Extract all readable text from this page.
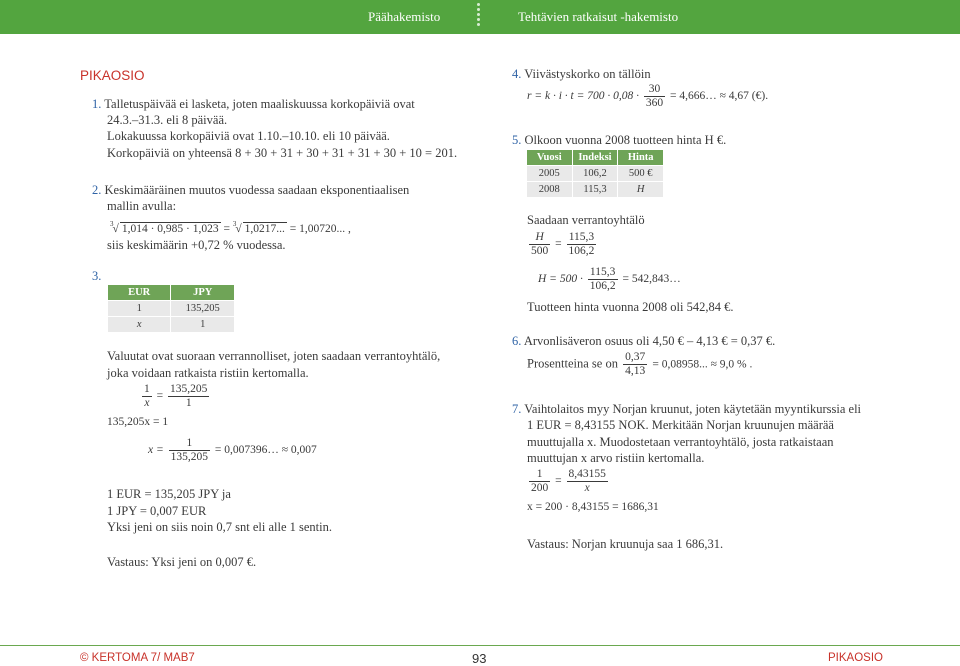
Päähakemisto	Tehtävien ratkaisut -hakemisto
PIKAOSIO
1. Talletuspäivää ei lasketa, joten maaliskuussa korkopäiviä ovat
24.3.–31.3. eli 8 päivää.
Lokakuussa korkopäiviä ovat 1.10.–10.10. eli 10 päivää.
Korkopäiviä on yhteensä 8 + 30 + 31 + 30 + 31 + 31 + 30 + 10 = 201.
2. Keskimääräinen muutos vuodessa saadaan eksponentiaalisen
mallin avulla:
$^3$√ 1,014 · 0,985 · 1,023 = $^3$√ 1,0217... = 1,00720... ,
siis keskimäärin +0,72 % vuodessa.
3.
EUR	JPY
1	135,205
x	1
Valuutat ovat suoraan verrannolliset, joten saadaan verrantoyhtälö,
joka voidaan ratkaista ristiin kertomalla.
$\frac{1}{x} = \frac{135,205}{1}$
135,205x = 1
$x = \frac{1}{135,205}$ = 0,007396… ≈ 0,007
1 EUR = 135,205 JPY ja
1 JPY = 0,007 EUR
Yksi jeni on siis noin 0,7 snt eli alle 1 sentin.
Vastaus: Yksi jeni on 0,007 €.
4. Viivästyskorko on tällöin
$r = k \cdot i \cdot t = 700 \cdot 0,08 \cdot \frac{30}{360}$ = 4,666… ≈ 4,67 (€).
5. Olkoon vuonna 2008 tuotteen hinta H €.
Vuosi	Indeksi	Hinta
2005	106,2	500 €
2008	115,3	H
Saadaan verrantoyhtälö
$\frac{H}{500} = \frac{115,3}{106,2}$
$H = 500 \cdot \frac{115,3}{106,2}$ = 542,843…
Tuotteen hinta vuonna 2008 oli 542,84 €.
6. Arvonlisäveron osuus oli 4,50 € – 4,13 € = 0,37 €.
Prosentteina se on $\frac{0,37}{4,13} = 0,08958$... ≈ 9,0 % .
7. Vaihtolaitos myy Norjan kruunut, joten käytetään myyntikurssia eli
1 EUR = 8,43155 NOK. Merkitään Norjan kruunujen määrää
muuttujalla x. Muodostetaan verrantoyhtälö, josta ratkaistaan
muuttujan x arvo ristiin kertomalla.
$\frac{1}{200} = \frac{8,43155}{x}$
x = 200 · 8,43155 = 1686,31
Vastaus: Norjan kruunuja saa 1 686,31.
© KERTOMA 7/ MAB7	93	PIKAOSIO
